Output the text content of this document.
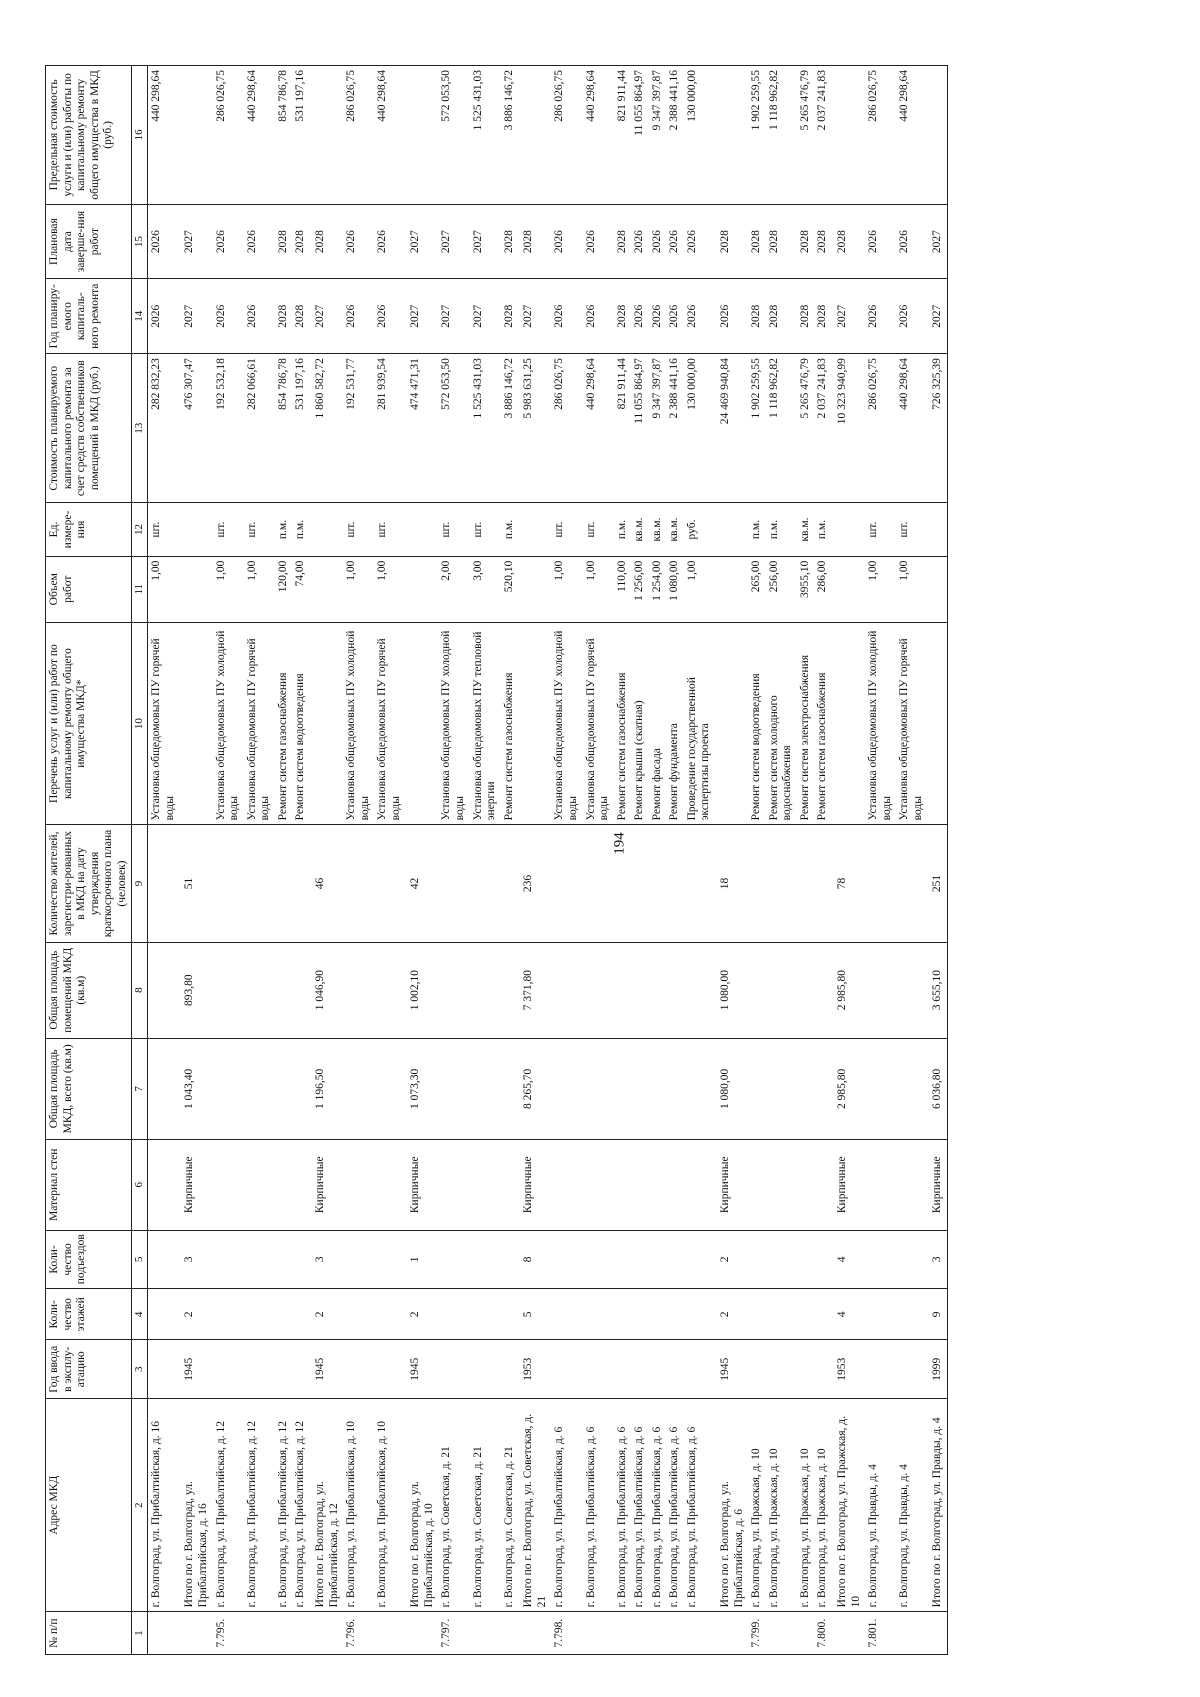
194
№ п/п	Адрес МКД	Год ввода в эксплу-атацию	Коли-чество этажей	Коли-чество подъездов	Материал стен	Общая площадь МКД, всего (кв.м)	Общая площадь помещений МКД (кв.м)	Количество жителей, зарегистри-рованных в МКД на дату утверждения краткосрочного плана (человек)	Перечень услуг и (или) работ по капитальному ремонту общего имущества МКД*	Объем работ	Ед. измере-ния	Стоимость планируемого капитального ремонта за счет средств собственников помещений в МКД (руб.)	Год планиру-емого капиталь-ного ремонта	Плановая дата заверше-ния работ	Предельная стоимость услуги и (или) работы по капитальному ремонту общего имущества в МКД (руб.)
1	2	3	4	5	6	7	8	9	10	11	12	13	14	15	16
	г. Волгоград, ул. Прибалтийская, д. 16								Установка общедомовых ПУ горячей воды	1,00	шт.	282 832,23	2026	2026	440 298,64
	Итого по г. Волгоград, ул. Прибалтийская, д. 16	1945	2	3	Кирпичные	1 043,40	893,80	51				476 307,47	2027	2027	
7.795.	г. Волгоград, ул. Прибалтийская, д. 12								Установка общедомовых ПУ холодной воды	1,00	шт.	192 532,18	2026	2026	286 026,75
	г. Волгоград, ул. Прибалтийская, д. 12								Установка общедомовых ПУ горячей воды	1,00	шт.	282 066,61	2026	2026	440 298,64
	г. Волгоград, ул. Прибалтийская, д. 12								Ремонт систем газоснабжения	120,00	п.м.	854 786,78	2028	2028	854 786,78
	г. Волгоград, ул. Прибалтийская, д. 12								Ремонт систем водоотведения	74,00	п.м.	531 197,16	2028	2028	531 197,16
	Итого по г. Волгоград, ул. Прибалтийская, д. 12	1945	2	3	Кирпичные	1 196,50	1 046,90	46				1 860 582,72	2027	2028	
7.796.	г. Волгоград, ул. Прибалтийская, д. 10								Установка общедомовых ПУ холодной воды	1,00	шт.	192 531,77	2026	2026	286 026,75
	г. Волгоград, ул. Прибалтийская, д. 10								Установка общедомовых ПУ горячей воды	1,00	шт.	281 939,54	2026	2026	440 298,64
	Итого по г. Волгоград, ул. Прибалтийская, д. 10	1945	2	1	Кирпичные	1 073,30	1 002,10	42				474 471,31	2027	2027	
7.797.	г. Волгоград, ул. Советская, д. 21								Установка общедомовых ПУ холодной воды	2,00	шт.	572 053,50	2027	2027	572 053,50
	г. Волгоград, ул. Советская, д. 21								Установка общедомовых ПУ тепловой энергии	3,00	шт.	1 525 431,03	2027	2027	1 525 431,03
	г. Волгоград, ул. Советская, д. 21								Ремонт систем газоснабжения	520,10	п.м.	3 886 146,72	2028	2028	3 886 146,72
	Итого по г. Волгоград, ул. Советская, д. 21	1953	5	8	Кирпичные	8 265,70	7 371,80	236				5 983 631,25	2027	2028	
7.798.	г. Волгоград, ул. Прибалтийская, д. 6								Установка общедомовых ПУ холодной воды	1,00	шт.	286 026,75	2026	2026	286 026,75
	г. Волгоград, ул. Прибалтийская, д. 6								Установка общедомовых ПУ горячей воды	1,00	шт.	440 298,64	2026	2026	440 298,64
	г. Волгоград, ул. Прибалтийская, д. 6								Ремонт систем газоснабжения	110,00	п.м.	821 911,44	2028	2028	821 911,44
	г. Волгоград, ул. Прибалтийская, д. 6								Ремонт крыши (скатная)	1 256,00	кв.м.	11 055 864,97	2026	2026	11 055 864,97
	г. Волгоград, ул. Прибалтийская, д. 6								Ремонт фасада	1 254,00	кв.м.	9 347 397,87	2026	2026	9 347 397,87
	г. Волгоград, ул. Прибалтийская, д. 6								Ремонт фундамента	1 080,00	кв.м.	2 388 441,16	2026	2026	2 388 441,16
	г. Волгоград, ул. Прибалтийская, д. 6								Проведение государственной экспертизы проекта	1,00	руб.	130 000,00	2026	2026	130 000,00
	Итого по г. Волгоград, ул. Прибалтийская, д. 6	1945	2	2	Кирпичные	1 080,00	1 080,00	18				24 469 940,84	2026	2028	
7.799.	г. Волгоград, ул. Пражская, д. 10								Ремонт систем водоотведения	265,00	п.м.	1 902 259,55	2028	2028	1 902 259,55
	г. Волгоград, ул. Пражская, д. 10								Ремонт систем холодного водоснабжения	256,00	п.м.	1 118 962,82	2028	2028	1 118 962,82
	г. Волгоград, ул. Пражская, д. 10								Ремонт систем электроснабжения	3955,10	кв.м.	5 265 476,79	2028	2028	5 265 476,79
7.800.	г. Волгоград, ул. Пражская, д. 10								Ремонт систем газоснабжения	286,00	п.м.	2 037 241,83	2028	2028	2 037 241,83
	Итого по г. Волгоград, ул. Пражская, д. 10	1953	4	4	Кирпичные	2 985,80	2 985,80	78				10 323 940,99	2027	2028	
7.801.	г. Волгоград, ул. Правды, д. 4								Установка общедомовых ПУ холодной воды	1,00	шт.	286 026,75	2026	2026	286 026,75
	г. Волгоград, ул. Правды, д. 4								Установка общедомовых ПУ горячей воды	1,00	шт.	440 298,64	2026	2026	440 298,64
	Итого по г. Волгоград, ул. Правды, д. 4	1999	9	3	Кирпичные	6 036,80	3 655,10	251				726 325,39	2027	2027	
